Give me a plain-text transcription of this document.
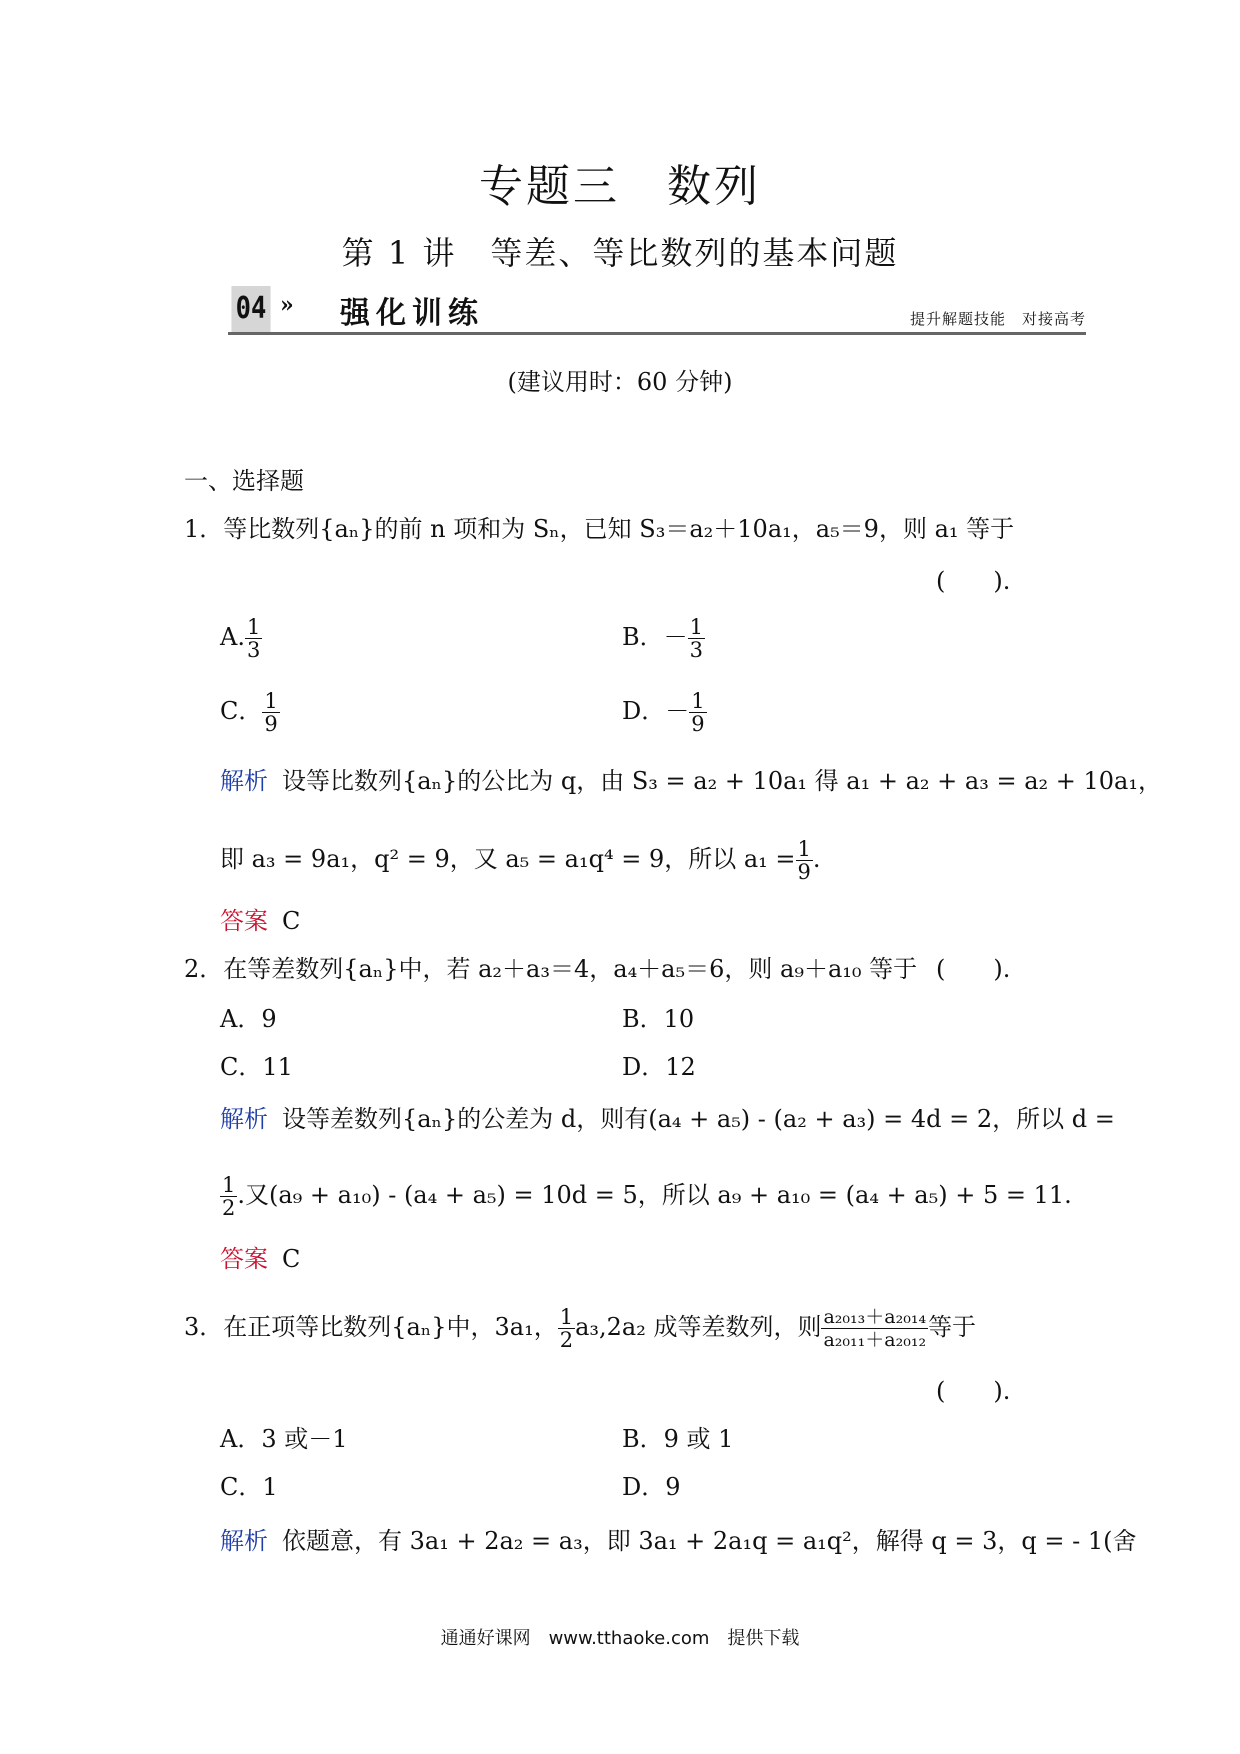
专题三　数列
第 1 讲　等差、等比数列的基本问题
04 » 强化训练	提升解题技能　对接高考
(建议用时：60 分钟)
一、选择题
1．等比数列{aₙ}的前 n 项和为 Sₙ，已知 S₃＝a₂＋10a₁，a₅＝9，则 a₁ 等于
(　　).
A. $\frac{1}{3}$	B．－ $\frac{1}{3}$
C． $\frac{1}{9}$	D．－ $\frac{1}{9}$
解析 设等比数列{aₙ}的公比为 q，由 S₃ = a₂ + 10a₁ 得 a₁ + a₂ + a₃ = a₂ + 10a₁，
即 a₃ = 9a₁，q² = 9，又 a₅ = a₁q⁴ = 9，所以 $a_1 = \frac{1}{9}$ .
答案 C
2．在等差数列{aₙ}中，若 a₂＋a₃＝4，a₄＋a₅＝6，则 a₉＋a₁₀ 等于 (　　).
A．9	B．10
C．11	D．12
解析 设等差数列{aₙ}的公差为 d，则有(a₄ + a₅) - (a₂ + a₃) = 4d = 2，所以 d =
$\frac{1}{2}$ .又(a₉ + a₁₀) - (a₄ + a₅) = 10d = 5，所以 a₉ + a₁₀ = (a₄ + a₅) + 5 = 11.
答案 C
3．在正项等比数列{aₙ}中，3a₁， $\frac{1}{2} a_3,2a_2$ 成等差数列，则 $\frac{\text{a₂₀₁₃＋a₂₀₁₄}}{\text{a₂₀₁₁＋a₂₀₁₂}}$ 等于
(　　).
A．3 或－1	B．9 或 1
C．1	D．9
解析 依题意，有 3a₁ + 2a₂ = a₃，即 3a₁ + 2a₁q = a₁q²，解得 q = 3，q = - 1(舍
通通好课网　www.tthaoke.com　提供下载
